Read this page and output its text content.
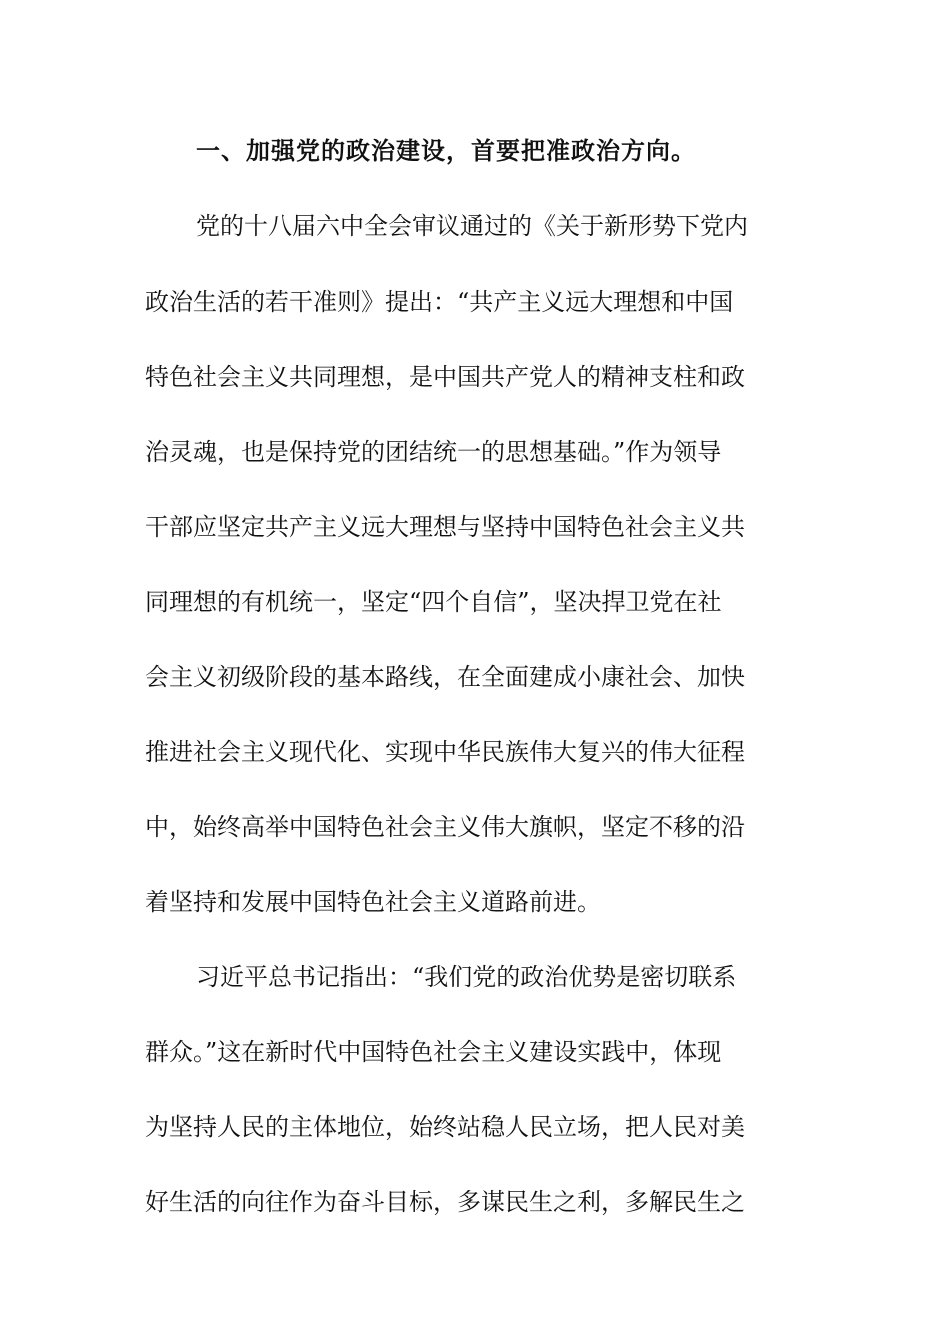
一、加强党的政治建设，首要把准政治方向。
党的十八届六中全会审议通过的《关于新形势下党内
政治生活的若干准则》提出：“共产主义远大理想和中国
特色社会主义共同理想，是中国共产党人的精神支柱和政
治灵魂，也是保持党的团结统一的思想基础。”作为领导
干部应坚定共产主义远大理想与坚持中国特色社会主义共
同理想的有机统一，坚定“四个自信”，坚决捍卫党在社
会主义初级阶段的基本路线，在全面建成小康社会、加快
推进社会主义现代化、实现中华民族伟大复兴的伟大征程
中，始终高举中国特色社会主义伟大旗帜，坚定不移的沿
着坚持和发展中国特色社会主义道路前进。
习近平总书记指出：“我们党的政治优势是密切联系
群众。”这在新时代中国特色社会主义建设实践中，体现
为坚持人民的主体地位，始终站稳人民立场，把人民对美
好生活的向往作为奋斗目标，多谋民生之利，多解民生之
